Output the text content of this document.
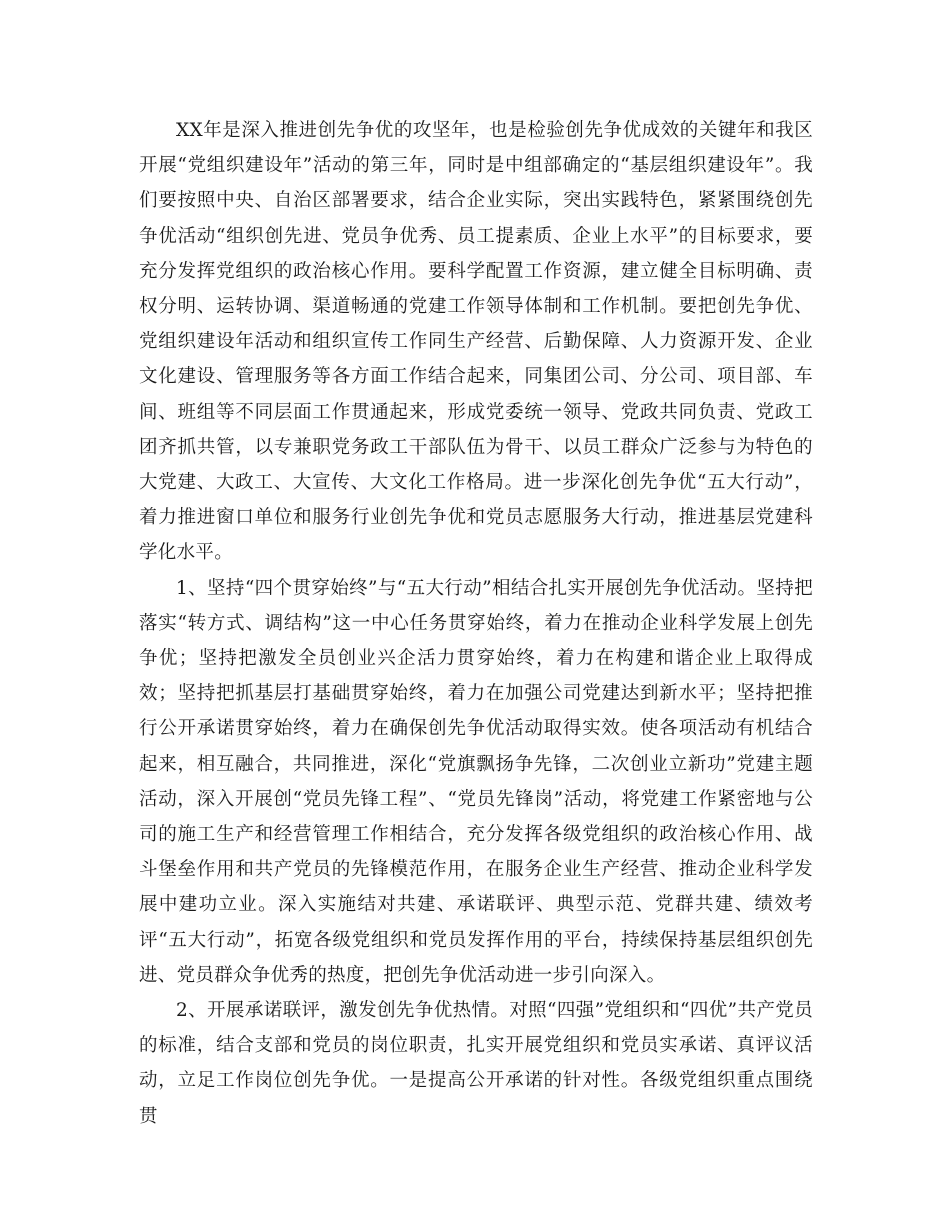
XX年是深入推进创先争优的攻坚年，也是检验创先争优成效的关键年和我区开展“党组织建设年”活动的第三年，同时是中组部确定的“基层组织建设年”。我们要按照中央、自治区部署要求，结合企业实际，突出实践特色，紧紧围绕创先争优活动“组织创先进、党员争优秀、员工提素质、企业上水平”的目标要求，要充分发挥党组织的政治核心作用。要科学配置工作资源，建立健全目标明确、责权分明、运转协调、渠道畅通的党建工作领导体制和工作机制。要把创先争优、党组织建设年活动和组织宣传工作同生产经营、后勤保障、人力资源开发、企业文化建设、管理服务等各方面工作结合起来，同集团公司、分公司、项目部、车间、班组等不同层面工作贯通起来，形成党委统一领导、党政共同负责、党政工团齐抓共管，以专兼职党务政工干部队伍为骨干、以员工群众广泛参与为特色的大党建、大政工、大宣传、大文化工作格局。进一步深化创先争优“五大行动”，着力推进窗口单位和服务行业创先争优和党员志愿服务大行动，推进基层党建科学化水平。

1、坚持“四个贯穿始终”与“五大行动”相结合扎实开展创先争优活动。坚持把落实“转方式、调结构”这一中心任务贯穿始终，着力在推动企业科学发展上创先争优；坚持把激发全员创业兴企活力贯穿始终，着力在构建和谐企业上取得成效；坚持把抓基层打基础贯穿始终，着力在加强公司党建达到新水平；坚持把推行公开承诺贯穿始终，着力在确保创先争优活动取得实效。使各项活动有机结合起来，相互融合，共同推进，深化“党旗飘扬争先锋，二次创业立新功”党建主题活动，深入开展创“党员先锋工程”、“党员先锋岗”活动，将党建工作紧密地与公司的施工生产和经营管理工作相结合，充分发挥各级党组织的政治核心作用、战斗堡垒作用和共产党员的先锋模范作用，在服务企业生产经营、推动企业科学发展中建功立业。深入实施结对共建、承诺联评、典型示范、党群共建、绩效考评“五大行动”，拓宽各级党组织和党员发挥作用的平台，持续保持基层组织创先进、党员群众争优秀的热度，把创先争优活动进一步引向深入。

2、开展承诺联评，激发创先争优热情。对照“四强”党组织和“四优”共产党员的标准，结合支部和党员的岗位职责，扎实开展党组织和党员实承诺、真评议活动，立足工作岗位创先争优。一是提高公开承诺的针对性。各级党组织重点围绕贯
